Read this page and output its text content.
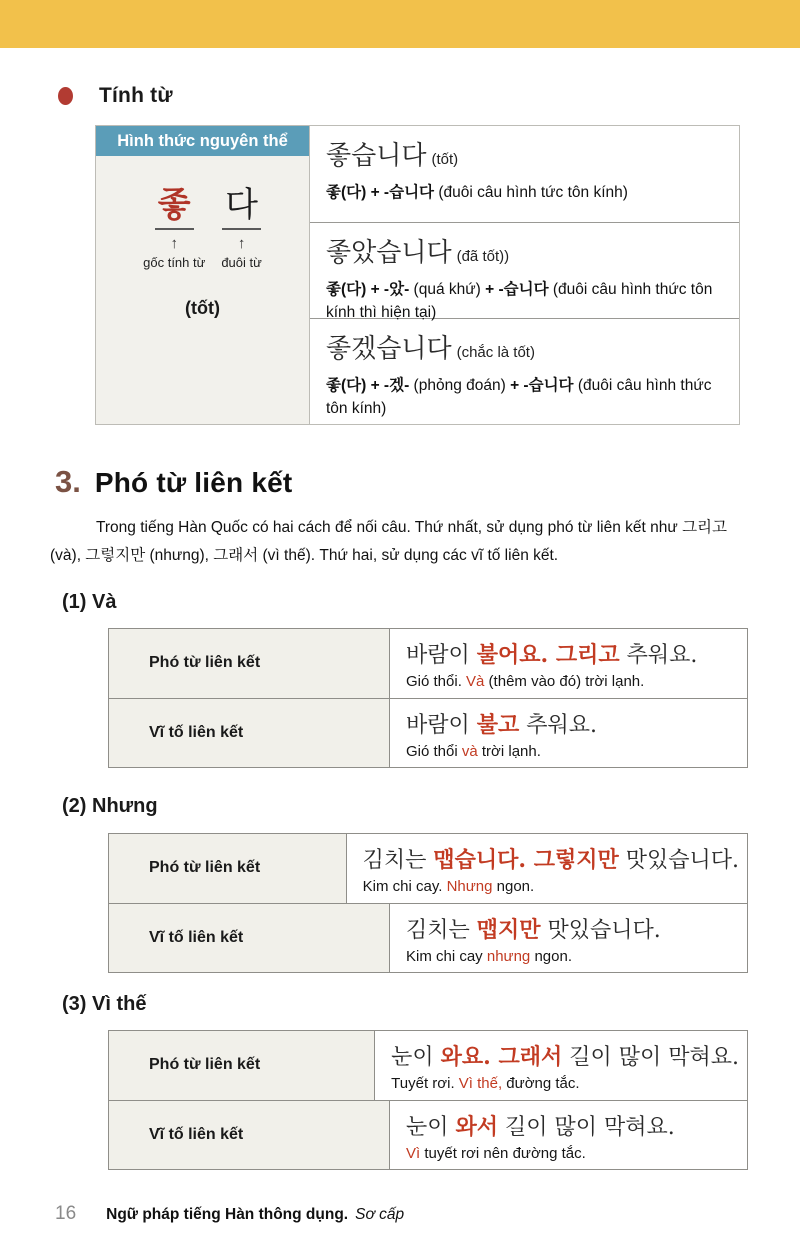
Tính từ
Hình thức nguyên thể
좋
↑
gốc tính từ
다
↑
đuôi từ
(tốt)
좋습니다 (tốt)
좋(다) + -습니다 (đuôi câu hình tức tôn kính)
좋았습니다 (đã tốt))
좋(다) + -았- (quá khứ) + -습니다 (đuôi câu hình thức tôn kính thì hiện tại)
좋겠습니다 (chắc là tốt)
좋(다) + -겠- (phỏng đoán) + -습니다 (đuôi câu hình thức tôn kính)
3. Phó từ liên kết

Trong tiếng Hàn Quốc có hai cách để nối câu. Thứ nhất, sử dụng phó từ liên kết như 그리고 (và), 그렇지만 (nhưng), 그래서 (vì thế). Thứ hai, sử dụng các vĩ tố liên kết.

(1) Và
Phó từ liên kết	바람이 불어요. 그리고 추워요.
Gió thổi. Và (thêm vào đó) trời lạnh.
Vĩ tố liên kết	바람이 불고 추워요.
Gió thổi và trời lạnh.
(2) Nhưng
Phó từ liên kết	김치는 맵습니다. 그렇지만 맛있습니다.
Kim chi cay. Nhưng ngon.
Vĩ tố liên kết	김치는 맵지만 맛있습니다.
Kim chi cay nhưng ngon.
(3) Vì thế
Phó từ liên kết	눈이 와요. 그래서 길이 많이 막혀요.
Tuyết rơi. Vì thế, đường tắc.
Vĩ tố liên kết	눈이 와서 길이 많이 막혀요.
Vì tuyết rơi nên đường tắc.
16 Ngữ pháp tiếng Hàn thông dụng. Sơ cấp
